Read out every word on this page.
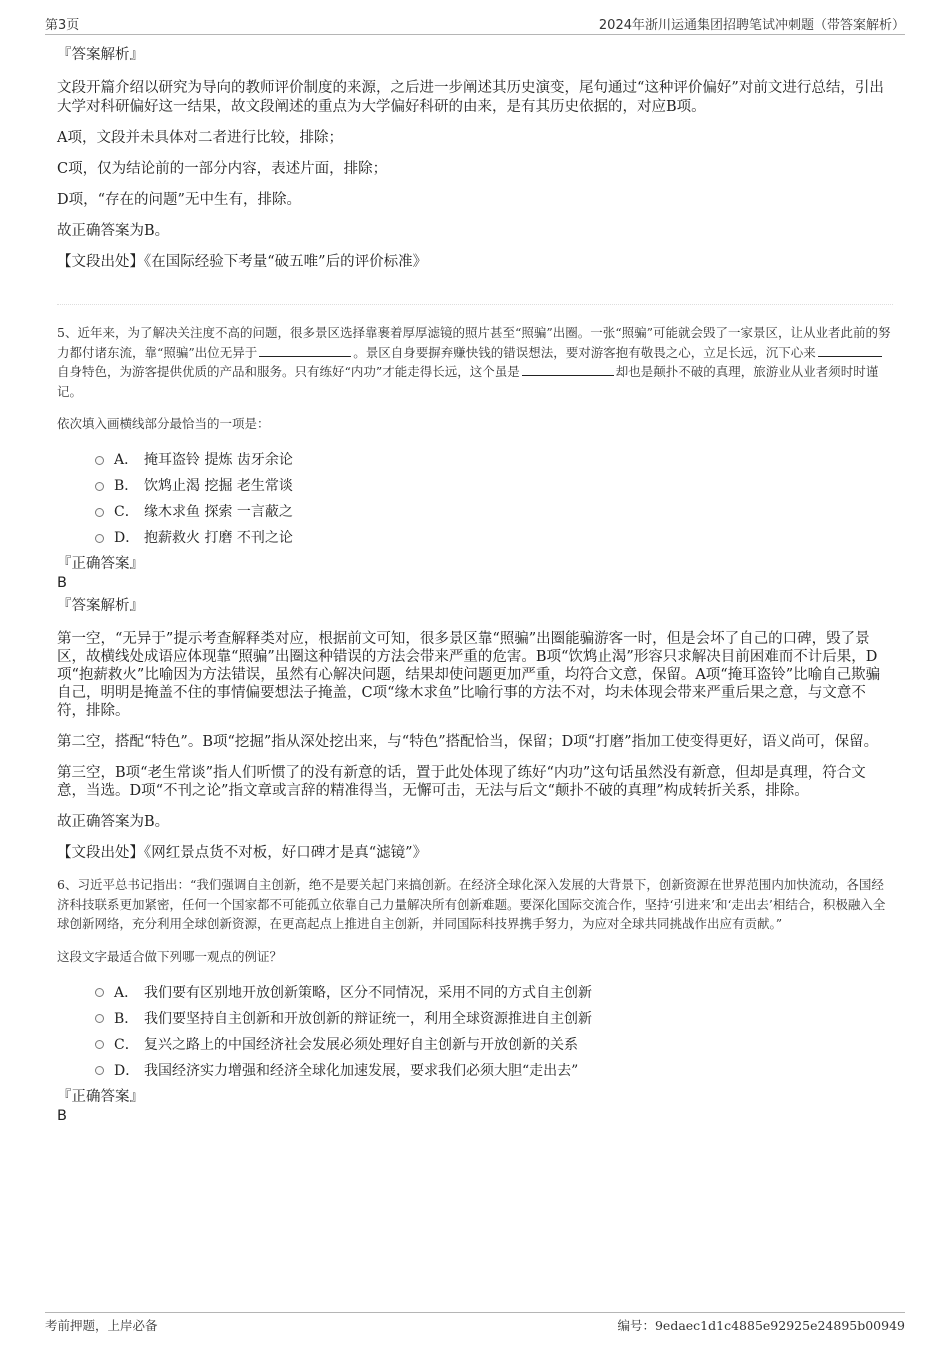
第3页	2024年浙川运通集团招聘笔试冲刺题（带答案解析）

『答案解析』

文段开篇介绍以研究为导向的教师评价制度的来源，之后进一步阐述其历史演变，尾句通过“这种评价偏好”对前文进行总结，引出大学对科研偏好这一结果，故文段阐述的重点为大学偏好科研的由来，是有其历史依据的，对应B项。

A项，文段并未具体对二者进行比较，排除；

C项，仅为结论前的一部分内容，表述片面，排除；

D项，“存在的问题”无中生有，排除。

故正确答案为B。

【文段出处】《在国际经验下考量“破五唯”后的评价标准》

5、近年来，为了解决关注度不高的问题，很多景区选择靠裹着厚厚滤镜的照片甚至“照骗”出圈。一张“照骗”可能就会毁了一家景区，让从业者此前的努力都付诸东流，靠“照骗”出位无异于	。景区自身要摒弃赚快钱的错误想法，要对游客抱有敬畏之心，立足长远，沉下心来自身特色，为游客提供优质的产品和服务。只有练好“内功”才能走得长远，这个虽是	却也是颠扑不破的真理，旅游业从业者须时时谨记。

依次填入画横线部分最恰当的一项是：

A． 掩耳盗铃 提炼 齿牙余论
B． 饮鸩止渴 挖掘 老生常谈
C． 缘木求鱼 探索 一言蔽之
D． 抱薪救火 打磨 不刊之论

『正确答案』

B

『答案解析』

第一空，“无异于”提示考查解释类对应，根据前文可知，很多景区靠“照骗”出圈能骗游客一时，但是会坏了自己的口碑，毁了景区，故横线处成语应体现靠“照骗”出圈这种错误的方法会带来严重的危害。B项“饮鸩止渴”形容只求解决目前困难而不计后果，D项“抱薪救火”比喻因为方法错误，虽然有心解决问题，结果却使问题更加严重，均符合文意，保留。A项“掩耳盗铃”比喻自己欺骗自己，明明是掩盖不住的事情偏要想法子掩盖，C项“缘木求鱼”比喻行事的方法不对，均未体现会带来严重后果之意，与文意不符，排除。

第二空，搭配“特色”。B项“挖掘”指从深处挖出来，与“特色”搭配恰当，保留；D项“打磨”指加工使变得更好，语义尚可，保留。

第三空，B项“老生常谈”指人们听惯了的没有新意的话，置于此处体现了练好“内功”这句话虽然没有新意，但却是真理，符合文意，当选。D项“不刊之论”指文章或言辞的精准得当，无懈可击，无法与后文“颠扑不破的真理”构成转折关系，排除。

故正确答案为B。

【文段出处】《网红景点货不对板，好口碑才是真“滤镜”》

6、习近平总书记指出：“我们强调自主创新，绝不是要关起门来搞创新。在经济全球化深入发展的大背景下，创新资源在世界范围内加快流动，各国经济科技联系更加紧密，任何一个国家都不可能孤立依靠自己力量解决所有创新难题。要深化国际交流合作，坚持‘引进来’和‘走出去’相结合，积极融入全球创新网络，充分利用全球创新资源，在更高起点上推进自主创新，并同国际科技界携手努力，为应对全球共同挑战作出应有贡献。”

这段文字最适合做下列哪一观点的例证？

A． 我们要有区别地开放创新策略，区分不同情况，采用不同的方式自主创新
B． 我们要坚持自主创新和开放创新的辩证统一，利用全球资源推进自主创新
C． 复兴之路上的中国经济社会发展必须处理好自主创新与开放创新的关系
D． 我国经济实力增强和经济全球化加速发展，要求我们必须大胆“走出去”

『正确答案』

B

考前押题，上岸必备	编号：9edaec1d1c4885e92925e24895b00949
